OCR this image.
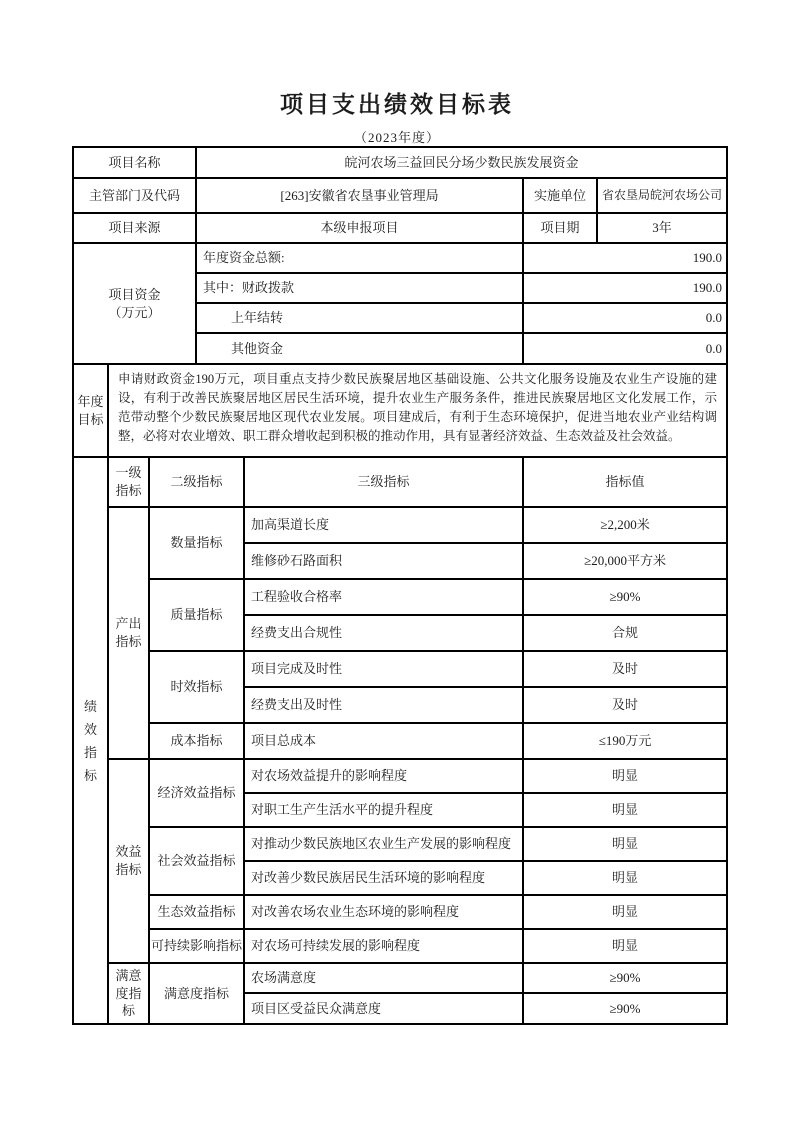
项目支出绩效目标表
（2023年度）
项目名称			皖河农场三益回民分场少数民族发展资金			
主管部门及代码			[263]安徽省农垦事业管理局		实施单位	省农垦局皖河农场公司
项目来源			本级申报项目		项目期	3年

项目资金
（万元）			年度资金总额:		190.0	
			其中：财政拨款		190.0	
			上年结转		0.0	
			其他资金		0.0	
年度目标	申请财政资金190万元，项目重点支持少数民族聚居地区基础设施、公共文化服务设施及农业生产设施的建设，有利于改善民族聚居地区居民生活环境，提升农业生产服务条件，推进民族聚居地区文化发展工作，示范带动整个少数民族聚居地区现代农业发展。项目建成后，有利于生态环境保护，促进当地农业产业结构调整，必将对农业增效、职工群众增收起到积极的推动作用，具有显著经济效益、生态效益及社会效益。					

绩效指标	一级指标	二级指标		三级指标	指标值	
	产出指标	数量指标		加高渠道长度	≥2,200米	
				维修砂石路面积	≥20,000平方米	
		质量指标		工程验收合格率	≥90%	
				经费支出合规性	合规	
		时效指标		项目完成及时性	及时	
				经费支出及时性	及时	
		成本指标		项目总成本	≤190万元	
	效益指标	经济效益指标		对农场效益提升的影响程度	明显	
				对职工生产生活水平的提升程度	明显	
		社会效益指标		对推动少数民族地区农业生产发展的影响程度	明显	
				对改善少数民族居民生活环境的影响程度	明显	
		生态效益指标		对改善农场农业生态环境的影响程度	明显	
		可持续影响指标		对农场可持续发展的影响程度	明显	
	满意度指标	满意度指标		农场满意度	≥90%	
				项目区受益民众满意度	≥90%	
